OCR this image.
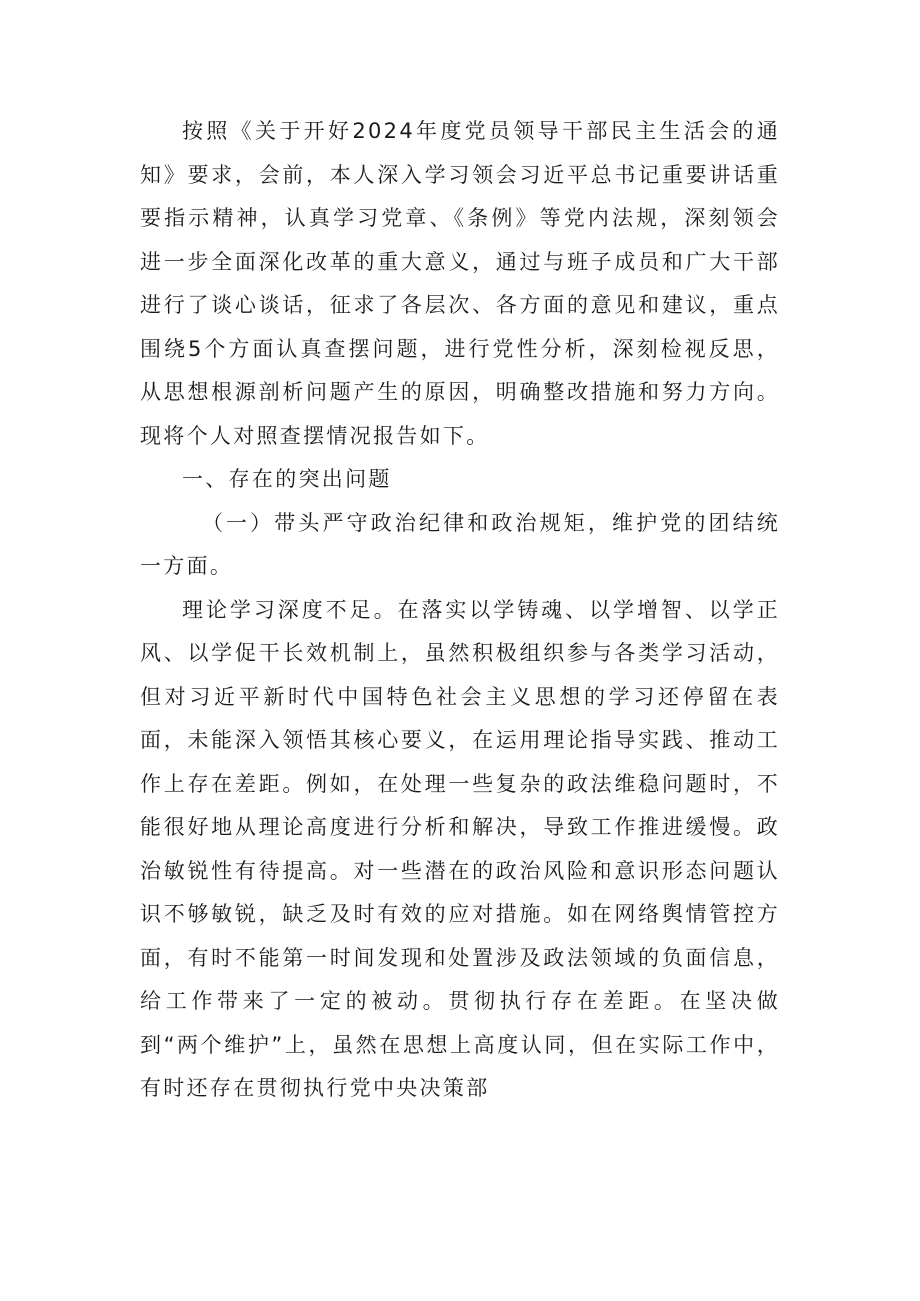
按照《关于开好2024年度党员领导干部民主生活会的通知》要求，会前，本人深入学习领会习近平总书记重要讲话重要指示精神，认真学习党章、《条例》等党内法规，深刻领会进一步全面深化改革的重大意义，通过与班子成员和广大干部进行了谈心谈话，征求了各层次、各方面的意见和建议，重点围绕5个方面认真查摆问题，进行党性分析，深刻检视反思，从思想根源剖析问题产生的原因，明确整改措施和努力方向。现将个人对照查摆情况报告如下。

一、存在的突出问题

（一）带头严守政治纪律和政治规矩，维护党的团结统一方面。

理论学习深度不足。在落实以学铸魂、以学增智、以学正风、以学促干长效机制上，虽然积极组织参与各类学习活动，但对习近平新时代中国特色社会主义思想的学习还停留在表面，未能深入领悟其核心要义，在运用理论指导实践、推动工作上存在差距。例如，在处理一些复杂的政法维稳问题时，不能很好地从理论高度进行分析和解决，导致工作推进缓慢。政治敏锐性有待提高。对一些潜在的政治风险和意识形态问题认识不够敏锐，缺乏及时有效的应对措施。如在网络舆情管控方面，有时不能第一时间发现和处置涉及政法领域的负面信息，给工作带来了一定的被动。贯彻执行存在差距。在坚决做到“两个维护”上，虽然在思想上高度认同，但在实际工作中，有时还存在贯彻执行党中央决策部
